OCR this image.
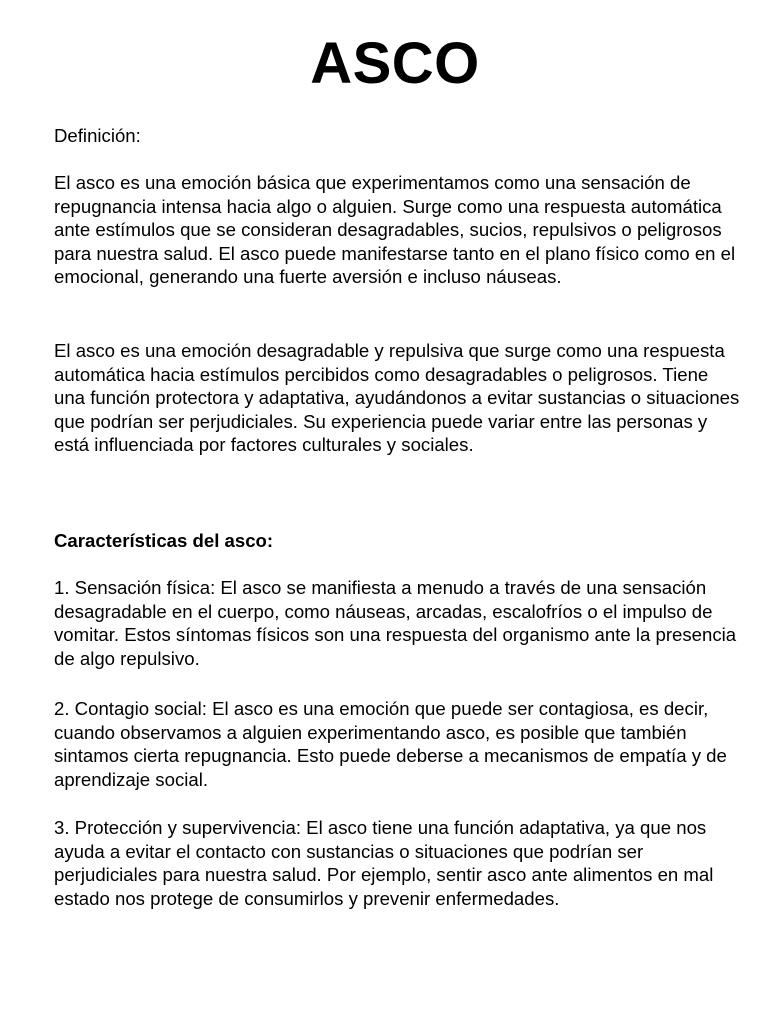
ASCO

Definición:

El asco es una emoción básica que experimentamos como una sensación de repugnancia intensa hacia algo o alguien. Surge como una respuesta automática ante estímulos que se consideran desagradables, sucios, repulsivos o peligrosos para nuestra salud. El asco puede manifestarse tanto en el plano físico como en el emocional, generando una fuerte aversión e incluso náuseas.

El asco es una emoción desagradable y repulsiva que surge como una respuesta automática hacia estímulos percibidos como desagradables o peligrosos. Tiene una función protectora y adaptativa, ayudándonos a evitar sustancias o situaciones que podrían ser perjudiciales. Su experiencia puede variar entre las personas y está influenciada por factores culturales y sociales.

Características del asco:

1. Sensación física: El asco se manifiesta a menudo a través de una sensación desagradable en el cuerpo, como náuseas, arcadas, escalofríos o el impulso de vomitar. Estos síntomas físicos son una respuesta del organismo ante la presencia de algo repulsivo.

2. Contagio social: El asco es una emoción que puede ser contagiosa, es decir, cuando observamos a alguien experimentando asco, es posible que también sintamos cierta repugnancia. Esto puede deberse a mecanismos de empatía y de aprendizaje social.

3. Protección y supervivencia: El asco tiene una función adaptativa, ya que nos ayuda a evitar el contacto con sustancias o situaciones que podrían ser perjudiciales para nuestra salud. Por ejemplo, sentir asco ante alimentos en mal estado nos protege de consumirlos y prevenir enfermedades.
